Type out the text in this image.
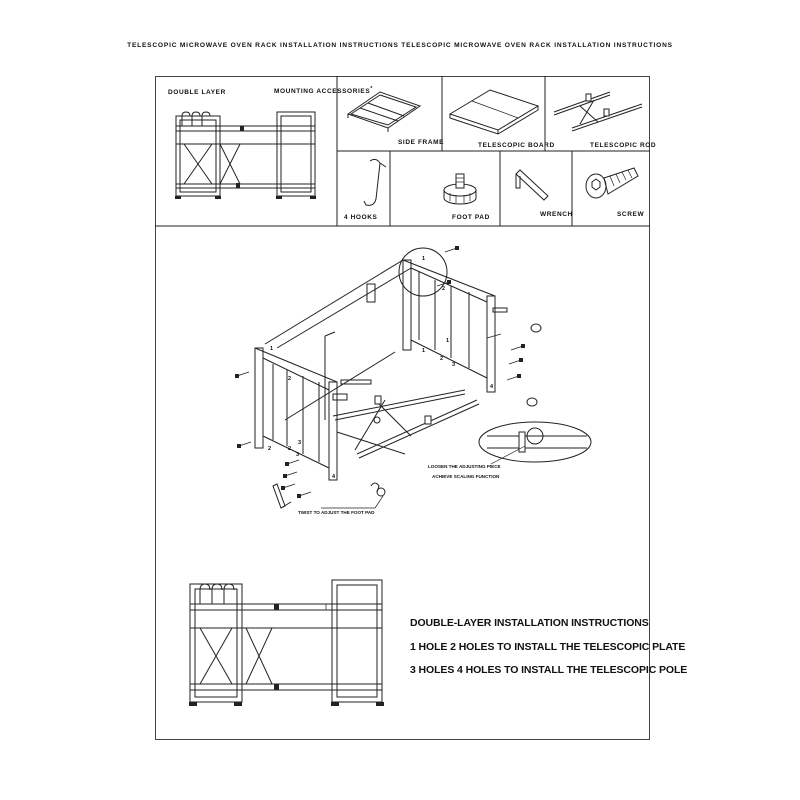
TELESCOPIC MICROWAVE OVEN RACK INSTALLATION INSTRUCTIONS TELESCOPIC MICROWAVE OVEN RACK INSTALLATION INSTRUCTIONS
DOUBLE LAYER	MOUNTING ACCESSORIES*
SIDE FRAME	TELESCOPIC BOARD	TELESCOPIC ROD
4 HOOKS	FOOT PAD	WRENCH	SCREW
1
2
1
2
1
2
3
4
2
3
4
1
2
3
LOOSEN THE ADJUSTING PIECE
ACHIEVE SCALING FUNCTION
TWIST TO ADJUST THE FOOT PAD
DOUBLE-LAYER INSTALLATION INSTRUCTIONS
1 HOLE 2 HOLES TO INSTALL THE TELESCOPIC PLATE
3 HOLES 4 HOLES TO INSTALL THE TELESCOPIC POLE
